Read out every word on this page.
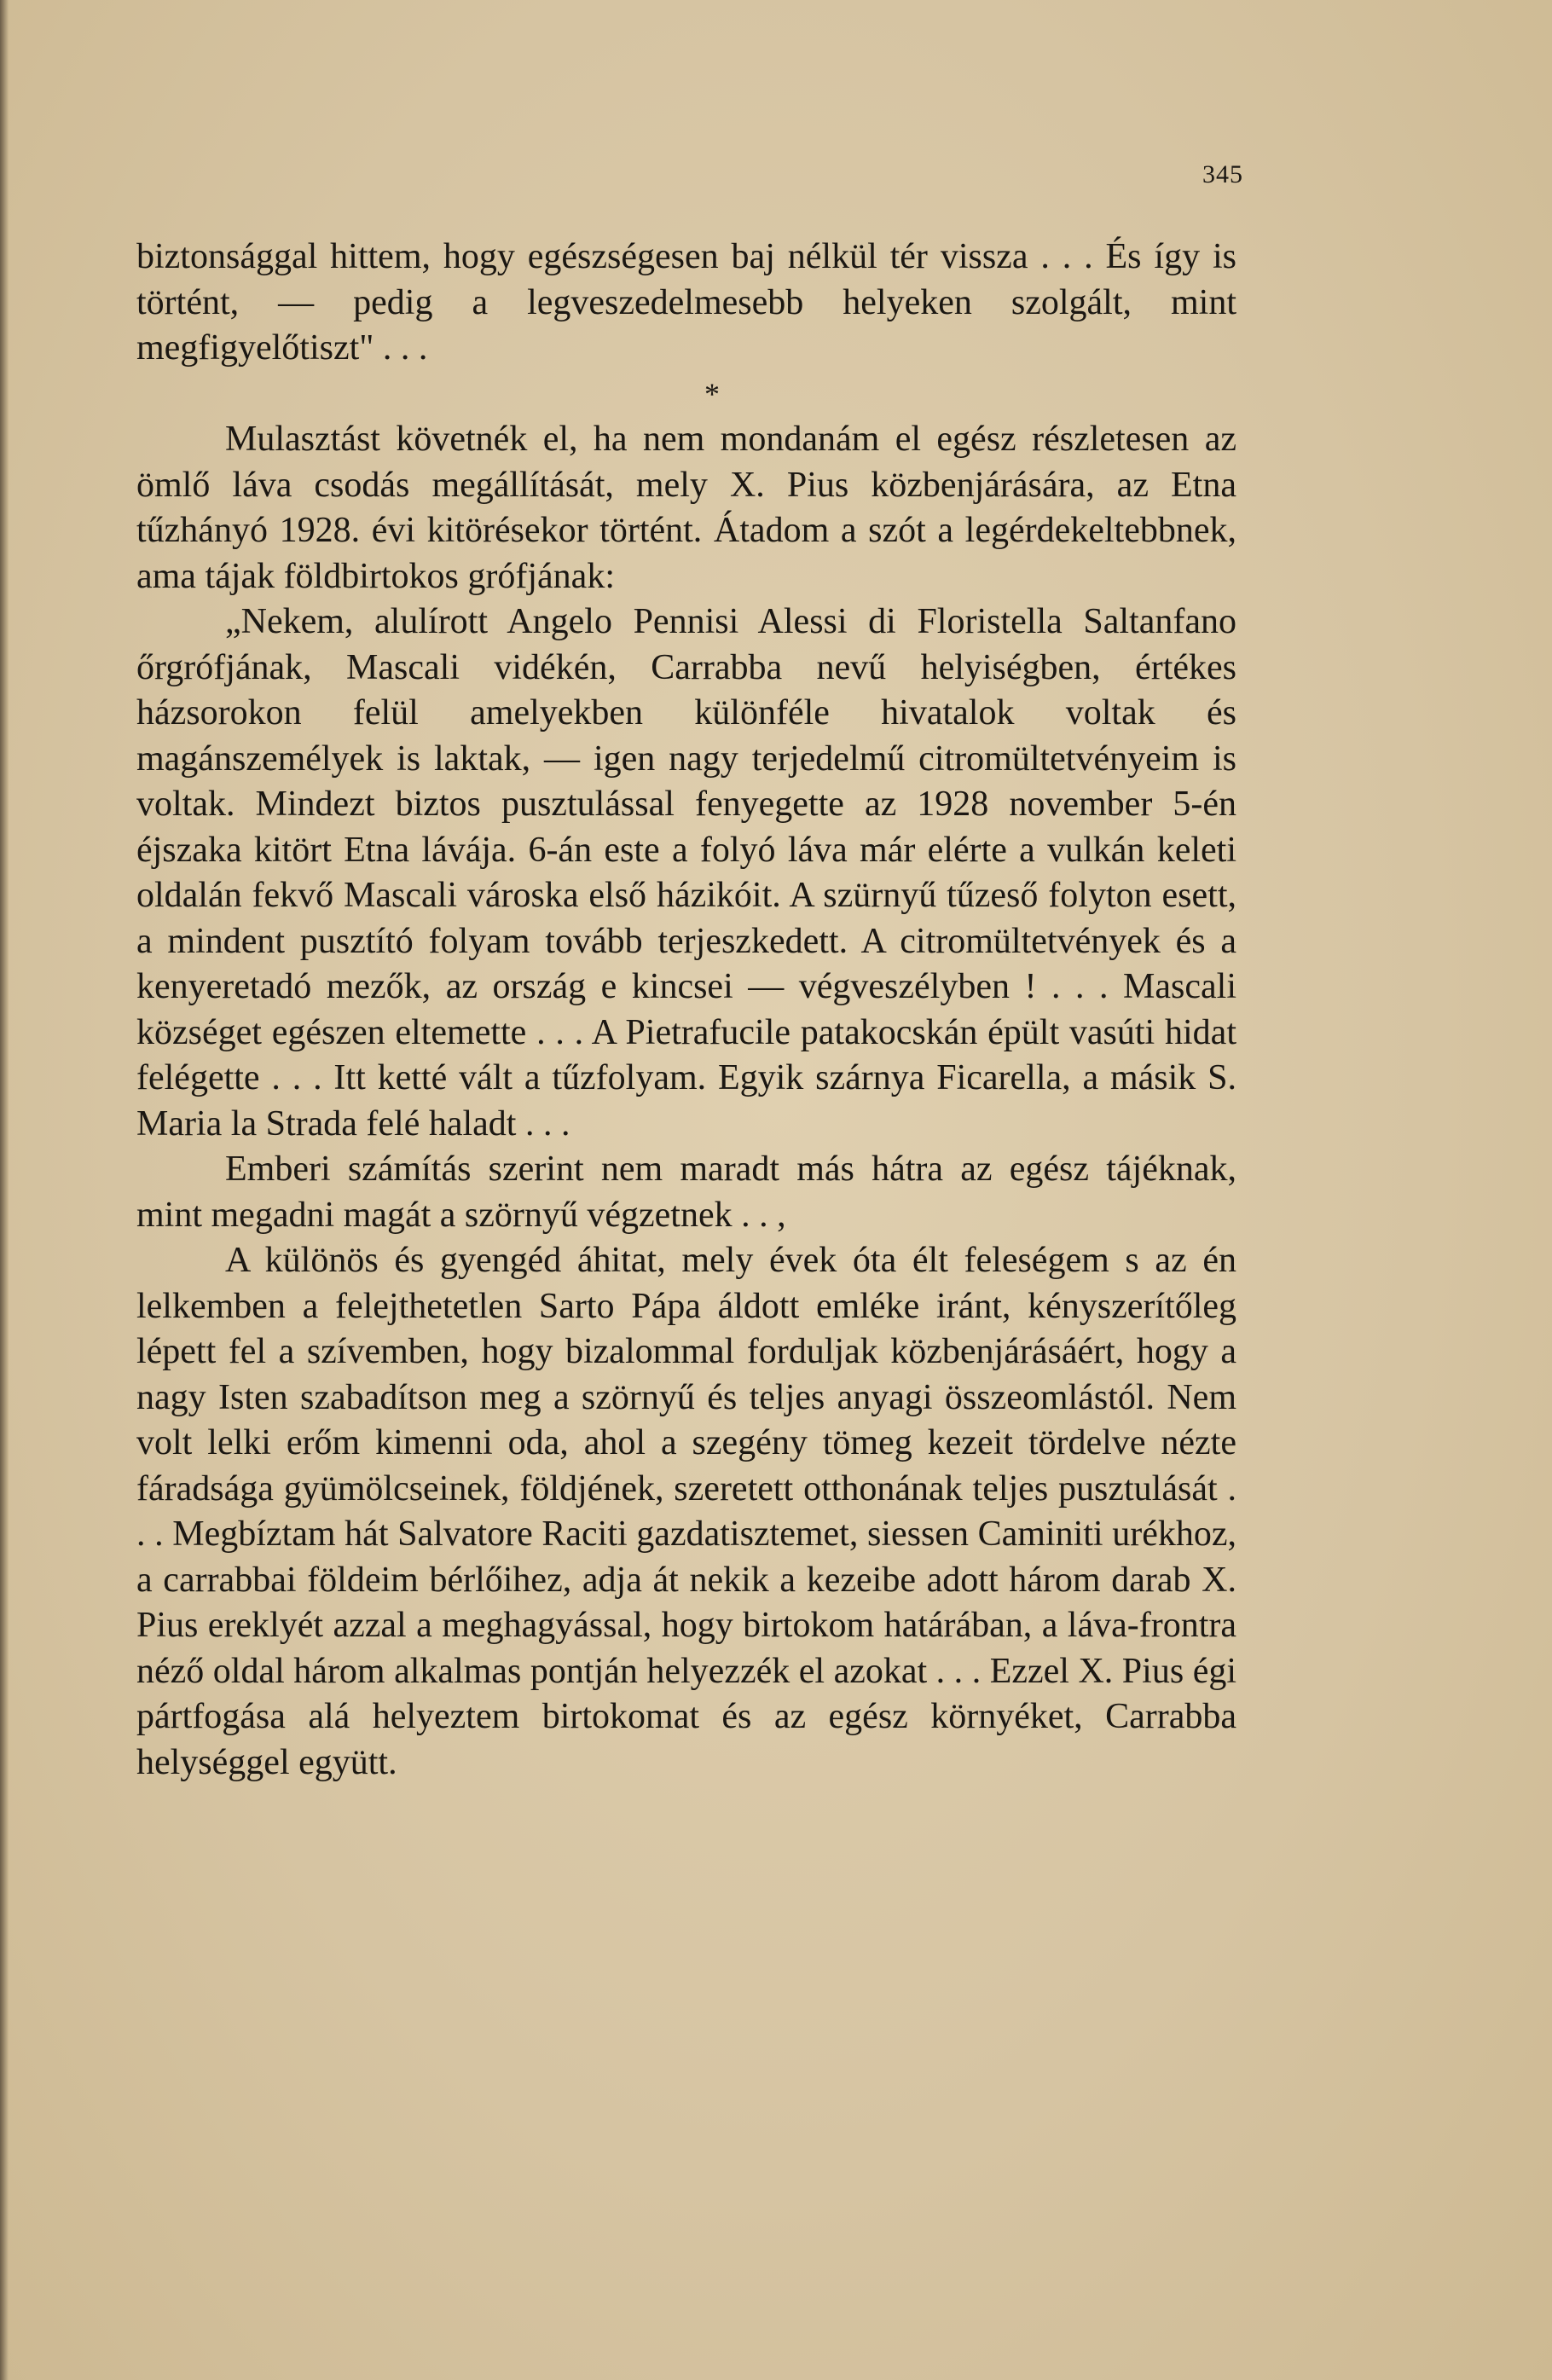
345

biztonsággal hittem, hogy egészségesen baj nélkül tér vissza . . . És így is történt, — pedig a legveszedelmesebb helyeken szolgált, mint megfigyelőtiszt" . . .

*

Mulasztást követnék el, ha nem mondanám el egész részletesen az ömlő láva csodás megállítását, mely X. Pius közbenjárására, az Etna tűzhányó 1928. évi kitörésekor történt. Átadom a szót a legérdekeltebbnek, ama tájak földbirtokos grófjának:

„Nekem, alulírott Angelo Pennisi Alessi di Floristella Saltanfano őrgrófjának, Mascali vidékén, Carrabba nevű helyiségben, értékes házsorokon felül amelyekben különféle hivatalok voltak és magánszemélyek is laktak, — igen nagy terjedelmű citromültetvényeim is voltak. Mindezt biztos pusztulással fenyegette az 1928 november 5-én éjszaka kitört Etna lávája. 6-án este a folyó láva már elérte a vulkán keleti oldalán fekvő Mascali városka első házikóit. A szürnyű tűzeső folyton esett, a mindent pusztító folyam tovább terjeszkedett. A citromültetvények és a kenyeretadó mezők, az ország e kincsei — végveszélyben ! . . . Mascali községet egészen eltemette . . . A Pietrafucile patakocskán épült vasúti hidat felégette . . . Itt ketté vált a tűzfolyam. Egyik szárnya Ficarella, a másik S. Maria la Strada felé haladt . . .

Emberi számítás szerint nem maradt más hátra az egész tájéknak, mint megadni magát a szörnyű végzetnek . . ,

A különös és gyengéd áhitat, mely évek óta élt feleségem s az én lelkemben a felejthetetlen Sarto Pápa áldott emléke iránt, kényszerítőleg lépett fel a szívemben, hogy bizalommal forduljak közbenjárásáért, hogy a nagy Isten szabadítson meg a szörnyű és teljes anyagi összeomlástól. Nem volt lelki erőm kimenni oda, ahol a szegény tömeg kezeit tördelve nézte fáradsága gyümölcseinek, földjének, szeretett otthonának teljes pusztulását . . . Megbíztam hát Salvatore Raciti gazdatisztemet, siessen Caminiti urékhoz, a carrabbai földeim bérlőihez, adja át nekik a kezeibe adott három darab X. Pius ereklyét azzal a meghagyással, hogy birtokom határában, a láva-frontra néző oldal három alkalmas pontján helyezzék el azokat . . . Ezzel X. Pius égi pártfogása alá helyeztem birtokomat és az egész környéket, Carrabba helységgel együtt.
